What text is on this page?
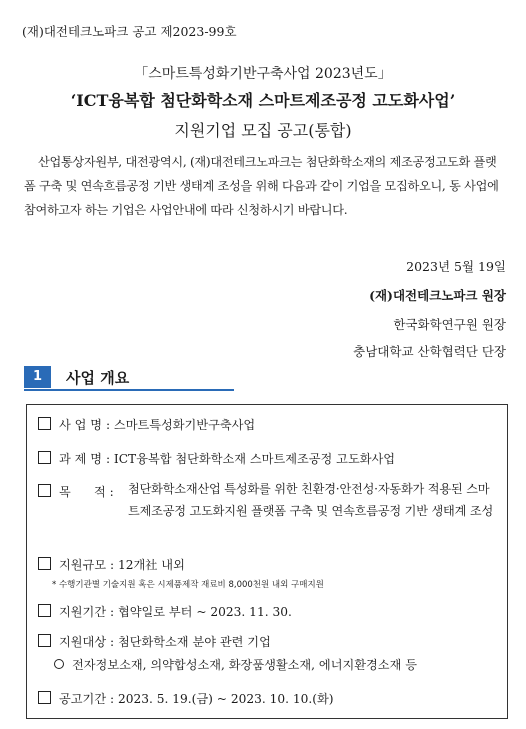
(재)대전테크노파크 공고 제2023-99호
「스마트특성화기반구축사업 2023년도」
‘ICT융복합 첨단화학소재 스마트제조공정 고도화사업’
지원기업 모집 공고(통합)
산업통상자원부, 대전광역시, (재)대전테크노파크는 첨단화학소재의 제조공정고도화 플랫폼 구축 및 연속흐름공정 기반 생태계 조성을 위해 다음과 같이 기업을 모집하오니, 동 사업에 참여하고자 하는 기업은 사업안내에 따라 신청하시기 바랍니다.
2023년 5월 19일
(재)대전테크노파크 원장
한국화학연구원 원장
충남대학교 산학협력단 단장
1	사업 개요
사 업 명 : 스마트특성화기반구축사업
과 제 명 : ICT융복합 첨단화학소재 스마트제조공정 고도화사업
목      적 : 첨단화학소재산업 특성화를 위한 친환경·안전성·자동화가 적용된 스마트제조공정 고도화지원 플랫폼 구축 및 연속흐름공정 기반 생태계 조성
지원규모 : 12개社 내외
* 수행기관별 기술지원 혹은 시제품제작 재료비 8,000천원 내외 구매지원
지원기간 : 협약일로 부터 ~ 2023. 11. 30.
지원대상 : 첨단화학소재 분야 관련 기업
전자정보소재, 의약합성소재, 화장품생활소재, 에너지환경소재 등
공고기간 : 2023. 5. 19.(금) ~ 2023. 10. 10.(화)
